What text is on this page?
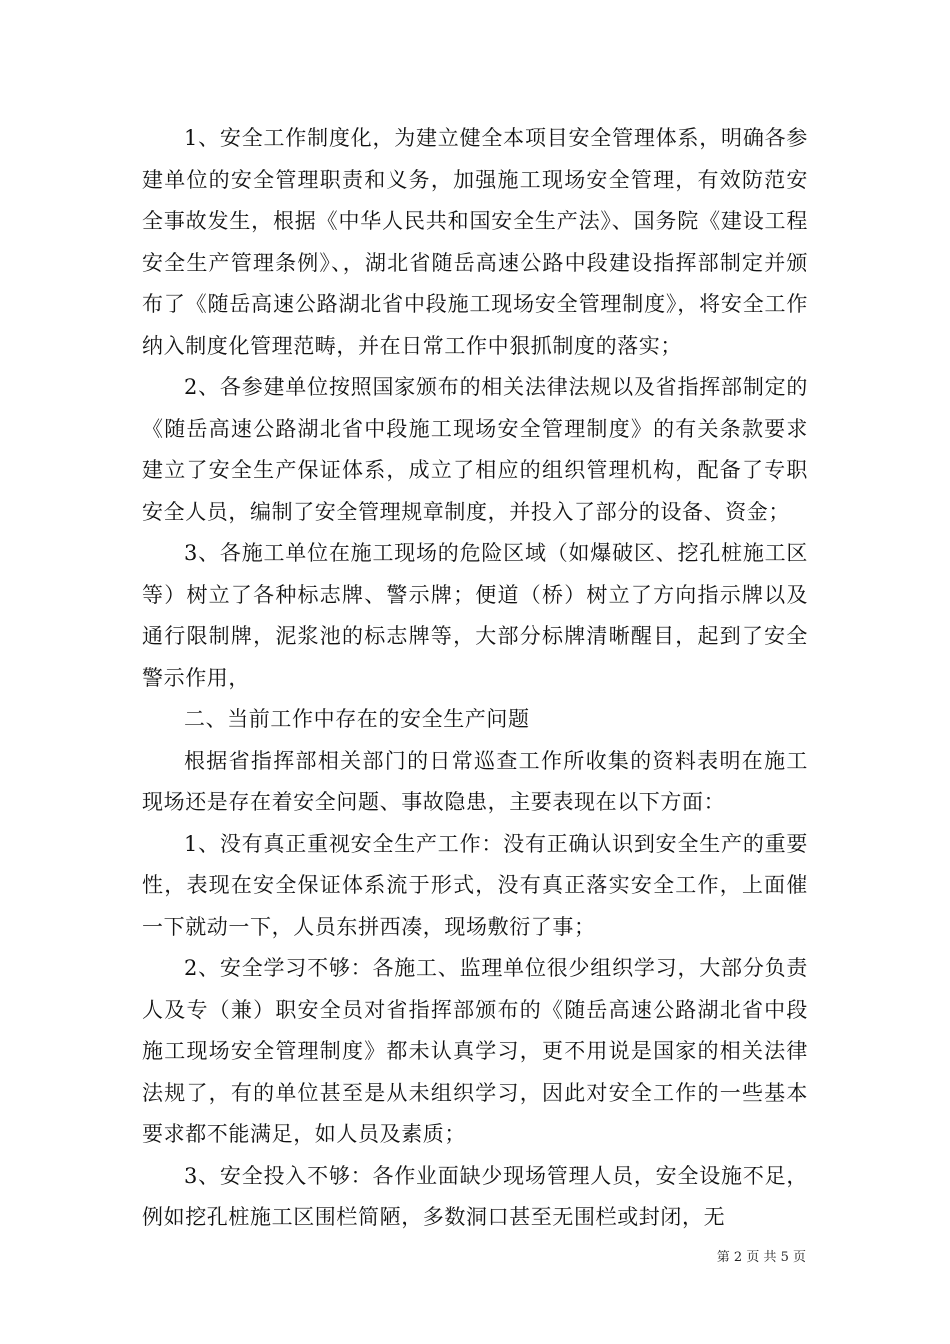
1、安全工作制度化，为建立健全本项目安全管理体系，明确各参建单位的安全管理职责和义务，加强施工现场安全管理，有效防范安全事故发生，根据《中华人民共和国安全生产法》、国务院《建设工程安全生产管理条例》、，湖北省随岳高速公路中段建设指挥部制定并颁布了《随岳高速公路湖北省中段施工现场安全管理制度》，将安全工作纳入制度化管理范畴，并在日常工作中狠抓制度的落实；

2、各参建单位按照国家颁布的相关法律法规以及省指挥部制定的《随岳高速公路湖北省中段施工现场安全管理制度》的有关条款要求建立了安全生产保证体系，成立了相应的组织管理机构，配备了专职安全人员，编制了安全管理规章制度，并投入了部分的设备、资金；

3、各施工单位在施工现场的危险区域（如爆破区、挖孔桩施工区等）树立了各种标志牌、警示牌；便道（桥）树立了方向指示牌以及通行限制牌，泥浆池的标志牌等，大部分标牌清晰醒目，起到了安全警示作用，

二、当前工作中存在的安全生产问题

根据省指挥部相关部门的日常巡查工作所收集的资料表明在施工现场还是存在着安全问题、事故隐患，主要表现在以下方面：

1、没有真正重视安全生产工作：没有正确认识到安全生产的重要性，表现在安全保证体系流于形式，没有真正落实安全工作，上面催一下就动一下，人员东拼西凑，现场敷衍了事；

2、安全学习不够：各施工、监理单位很少组织学习，大部分负责人及专（兼）职安全员对省指挥部颁布的《随岳高速公路湖北省中段施工现场安全管理制度》都未认真学习，更不用说是国家的相关法律法规了，有的单位甚至是从未组织学习，因此对安全工作的一些基本要求都不能满足，如人员及素质；

3、安全投入不够：各作业面缺少现场管理人员，安全设施不足，例如挖孔桩施工区围栏简陋，多数洞口甚至无围栏或封闭，无

第 2 页 共 5 页
